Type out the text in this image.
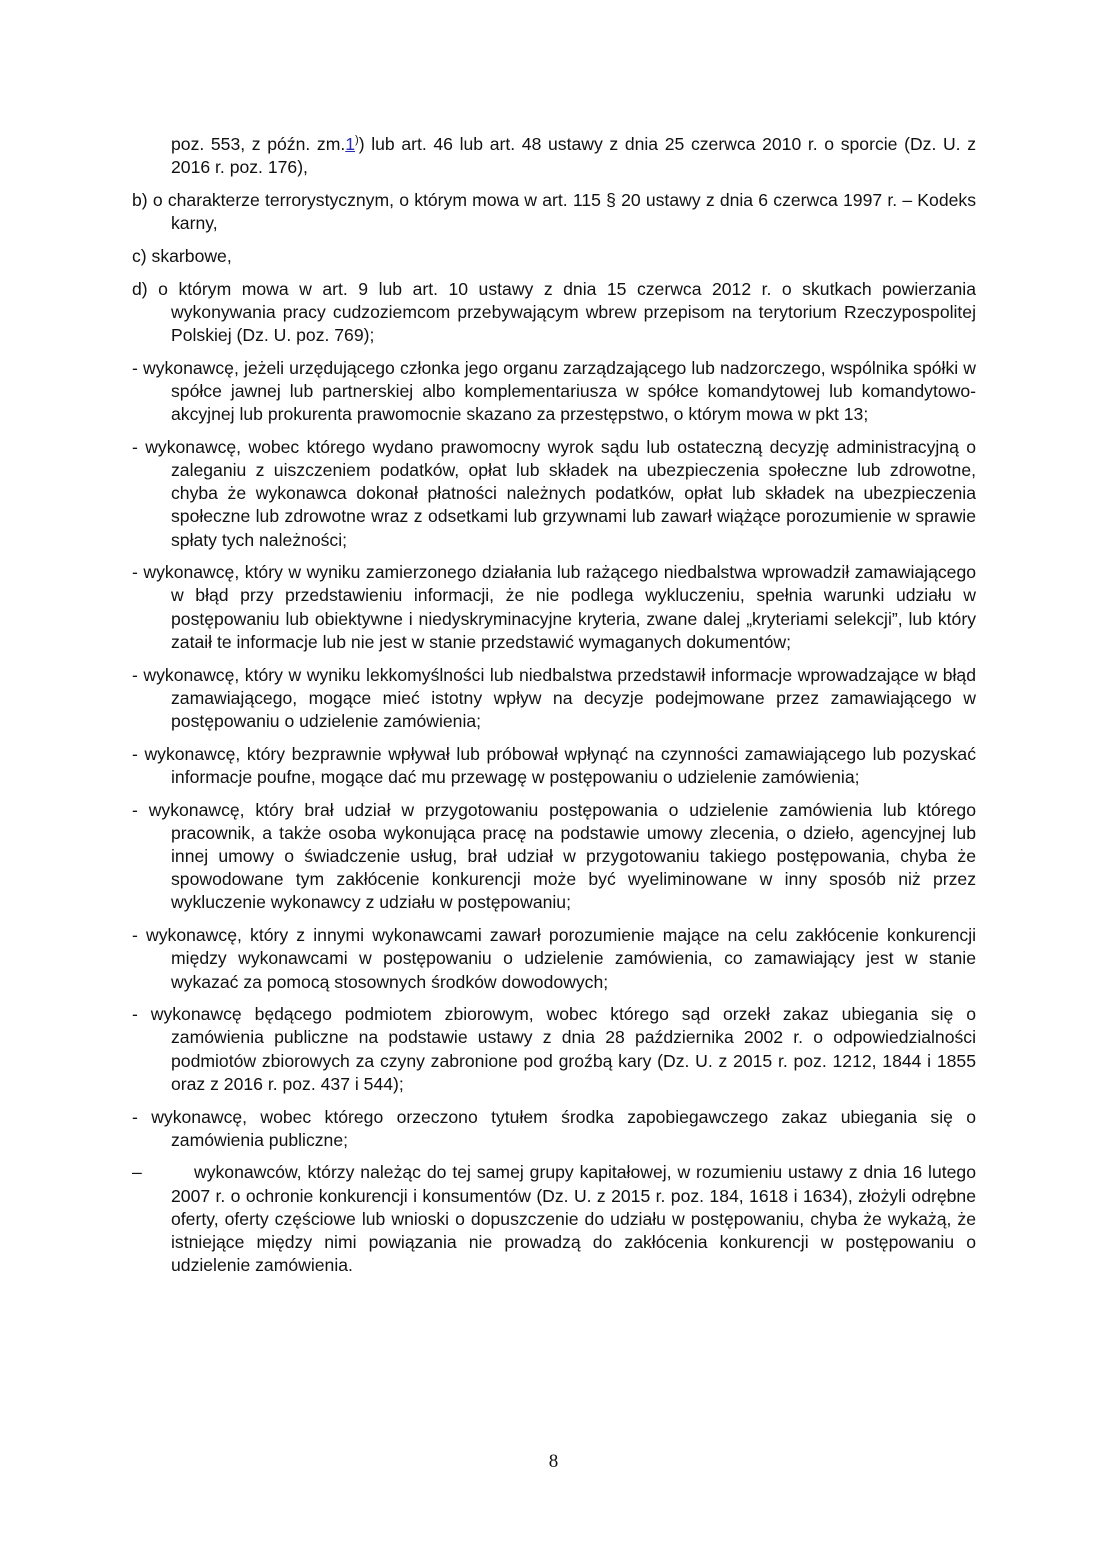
poz. 553, z późn. zm.1)) lub art. 46 lub art. 48 ustawy z dnia 25 czerwca 2010 r. o sporcie (Dz. U. z 2016 r. poz. 176),

b) o charakterze terrorystycznym, o którym mowa w art. 115 § 20 ustawy z dnia 6 czerwca 1997 r. – Kodeks karny,

c) skarbowe,

d) o którym mowa w art. 9 lub art. 10 ustawy z dnia 15 czerwca 2012 r. o skutkach powierzania wykonywania pracy cudzoziemcom przebywającym wbrew przepisom na terytorium Rzeczypospolitej Polskiej (Dz. U. poz. 769);

- wykonawcę, jeżeli urzędującego członka jego organu zarządzającego lub nadzorczego, wspólnika spółki w spółce jawnej lub partnerskiej albo komplementariusza w spółce komandytowej lub komandytowo-akcyjnej lub prokurenta prawomocnie skazano za przestępstwo, o którym mowa w pkt 13;

- wykonawcę, wobec którego wydano prawomocny wyrok sądu lub ostateczną decyzję administracyjną o zaleganiu z uiszczeniem podatków, opłat lub składek na ubezpieczenia społeczne lub zdrowotne, chyba że wykonawca dokonał płatności należnych podatków, opłat lub składek na ubezpieczenia społeczne lub zdrowotne wraz z odsetkami lub grzywnami lub zawarł wiążące porozumienie w sprawie spłaty tych należności;

- wykonawcę, który w wyniku zamierzonego działania lub rażącego niedbalstwa wprowadził zamawiającego w błąd przy przedstawieniu informacji, że nie podlega wykluczeniu, spełnia warunki udziału w postępowaniu lub obiektywne i niedyskryminacyjne kryteria, zwane dalej „kryteriami selekcji”, lub który zataił te informacje lub nie jest w stanie przedstawić wymaganych dokumentów;

- wykonawcę, który w wyniku lekkomyślności lub niedbalstwa przedstawił informacje wprowadzające w błąd zamawiającego, mogące mieć istotny wpływ na decyzje podejmowane przez zamawiającego w postępowaniu o udzielenie zamówienia;

- wykonawcę, który bezprawnie wpływał lub próbował wpłynąć na czynności zamawiającego lub pozyskać informacje poufne, mogące dać mu przewagę w postępowaniu o udzielenie zamówienia;

- wykonawcę, który brał udział w przygotowaniu postępowania o udzielenie zamówienia lub którego pracownik, a także osoba wykonująca pracę na podstawie umowy zlecenia, o dzieło, agencyjnej lub innej umowy o świadczenie usług, brał udział w przygotowaniu takiego postępowania, chyba że spowodowane tym zakłócenie konkurencji może być wyeliminowane w inny sposób niż przez wykluczenie wykonawcy z udziału w postępowaniu;

- wykonawcę, który z innymi wykonawcami zawarł porozumienie mające na celu zakłócenie konkurencji między wykonawcami w postępowaniu o udzielenie zamówienia, co zamawiający jest w stanie wykazać za pomocą stosownych środków dowodowych;

- wykonawcę będącego podmiotem zbiorowym, wobec którego sąd orzekł zakaz ubiegania się o zamówienia publiczne na podstawie ustawy z dnia 28 października 2002 r. o odpowiedzialności podmiotów zbiorowych za czyny zabronione pod groźbą kary (Dz. U. z 2015 r. poz. 1212, 1844 i 1855 oraz z 2016 r. poz. 437 i 544);

- wykonawcę, wobec którego orzeczono tytułem środka zapobiegawczego zakaz ubiegania się o zamówienia publiczne;

–	wykonawców, którzy należąc do tej samej grupy kapitałowej, w rozumieniu ustawy z dnia 16 lutego 2007 r. o ochronie konkurencji i konsumentów (Dz. U. z 2015 r. poz. 184, 1618 i 1634), złożyli odrębne oferty, oferty częściowe lub wnioski o dopuszczenie do udziału w postępowaniu, chyba że wykażą, że istniejące między nimi powiązania nie prowadzą do zakłócenia konkurencji w postępowaniu o udzielenie zamówienia.

8
